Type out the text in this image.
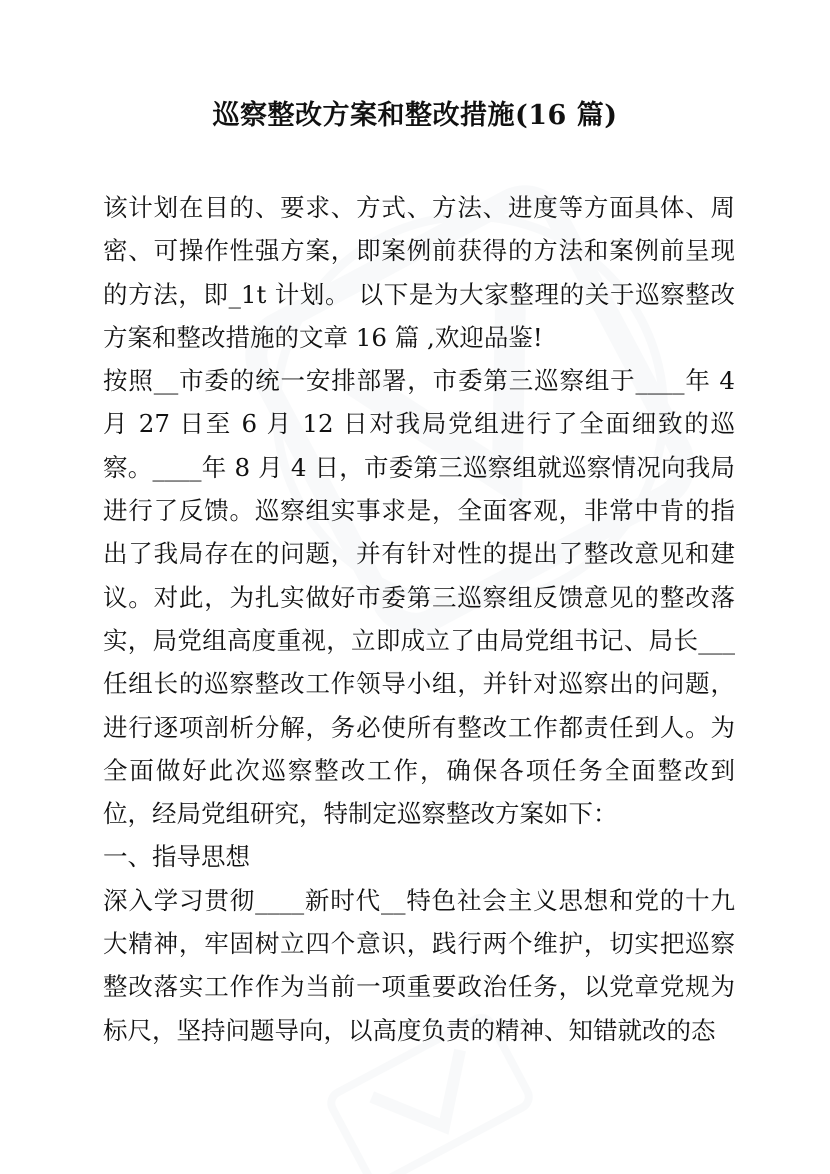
巡察整改方案和整改措施(16 篇)

该计划在目的、要求、方式、方法、进度等方面具体、周密、可操作性强方案，即案例前获得的方法和案例前呈现的方法，即_1t 计划。 以下是为大家整理的关于巡察整改方案和整改措施的文章 16 篇 ,欢迎品鉴!

按照__市委的统一安排部署，市委第三巡察组于____年 4 月 27 日至 6 月 12 日对我局党组进行了全面细致的巡察。____年 8 月 4 日，市委第三巡察组就巡察情况向我局进行了反馈。巡察组实事求是，全面客观，非常中肯的指出了我局存在的问题，并有针对性的提出了整改意见和建议。对此，为扎实做好市委第三巡察组反馈意见的整改落实，局党组高度重视，立即成立了由局党组书记、局长___任组长的巡察整改工作领导小组，并针对巡察出的问题，进行逐项剖析分解，务必使所有整改工作都责任到人。为全面做好此次巡察整改工作，确保各项任务全面整改到位，经局党组研究，特制定巡察整改方案如下：

一、指导思想

深入学习贯彻____新时代__特色社会主义思想和党的十九大精神，牢固树立四个意识，践行两个维护，切实把巡察整改落实工作作为当前一项重要政治任务，以党章党规为标尺，坚持问题导向，以高度负责的精神、知错就改的态
